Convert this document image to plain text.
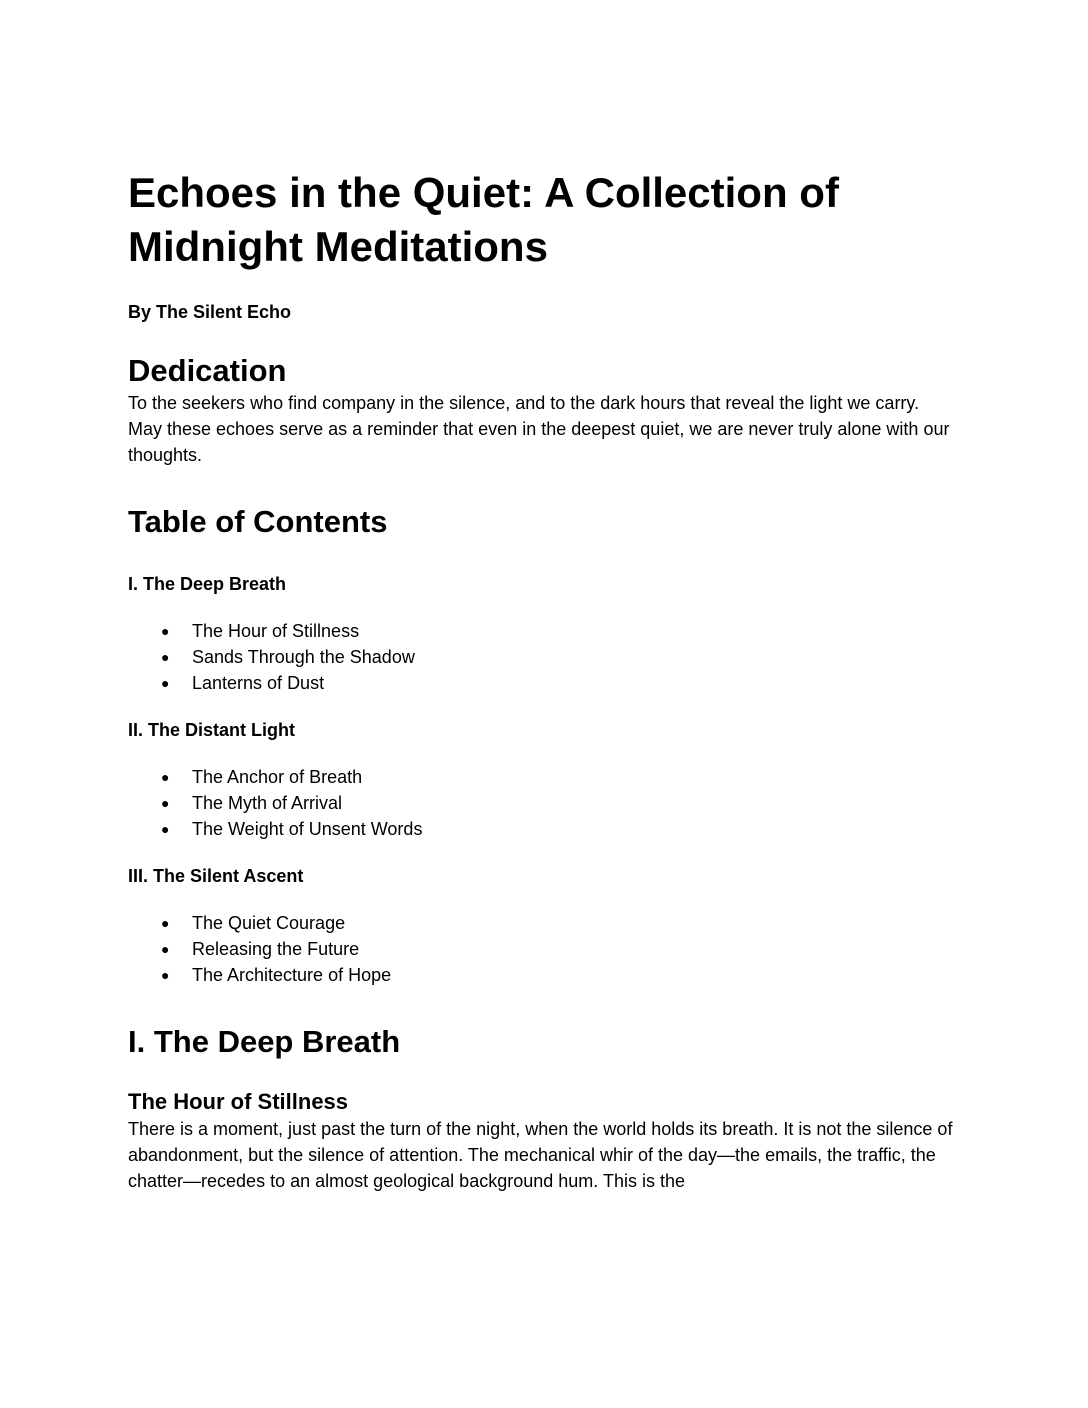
Echoes in the Quiet: A Collection of Midnight Meditations

By The Silent Echo

Dedication

To the seekers who find company in the silence, and to the dark hours that reveal the light we carry. May these echoes serve as a reminder that even in the deepest quiet, we are never truly alone with our thoughts.

Table of Contents

I. The Deep Breath

● The Hour of Stillness
● Sands Through the Shadow
● Lanterns of Dust

II. The Distant Light

● The Anchor of Breath
● The Myth of Arrival
● The Weight of Unsent Words

III. The Silent Ascent

● The Quiet Courage
● Releasing the Future
● The Architecture of Hope
I. The Deep Breath
The Hour of Stillness

There is a moment, just past the turn of the night, when the world holds its breath. It is not the silence of abandonment, but the silence of attention. The mechanical whir of the day—the emails, the traffic, the chatter—recedes to an almost geological background hum. This is the
